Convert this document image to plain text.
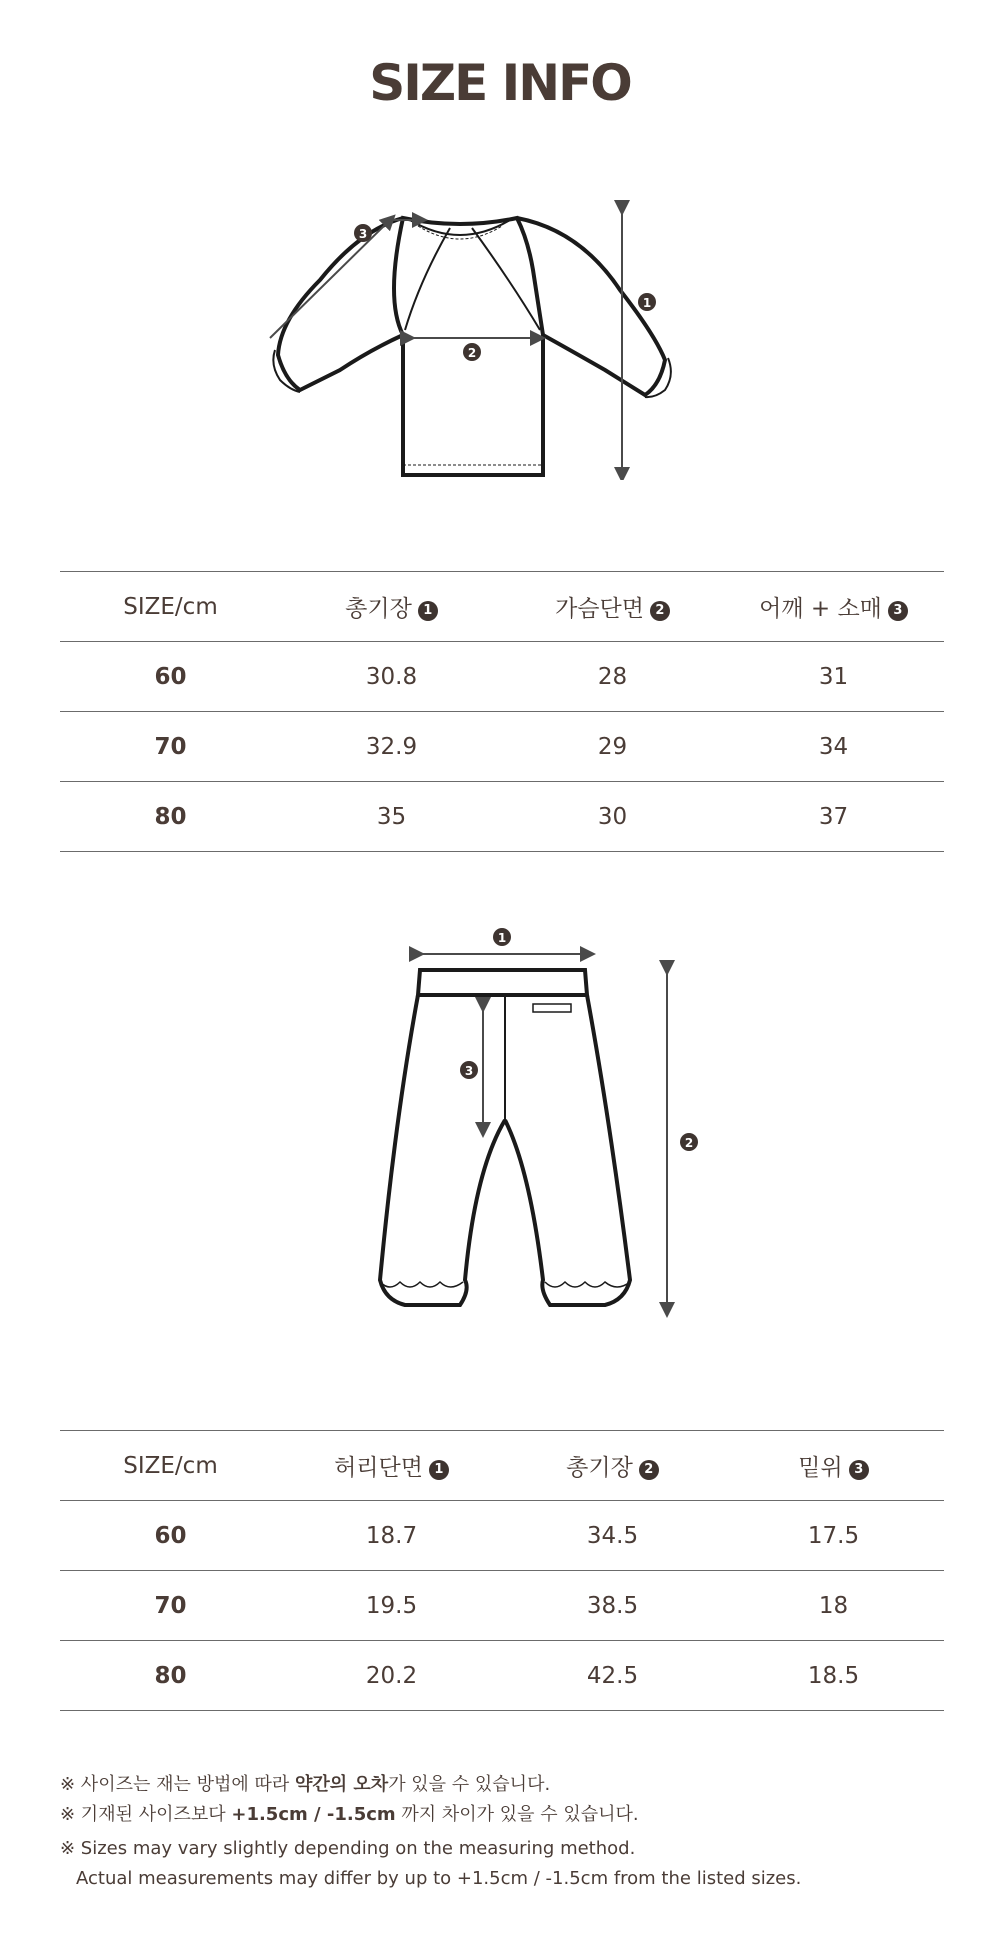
SIZE INFO
3
1
2
SIZE/cm	총기장 1	가슴단면 2	어깨 + 소매 3
60	30.8	28	31
70	32.9	29	34
80	35	30	37
1
3
2
SIZE/cm	허리단면 1	총기장 2	밑위 3
60	18.7	34.5	17.5
70	19.5	38.5	18
80	20.2	42.5	18.5

※ 사이즈는 재는 방법에 따라 약간의 오차가 있을 수 있습니다.

※ 기재된 사이즈보다 +1.5cm / -1.5cm 까지 차이가 있을 수 있습니다.

※ Sizes may vary slightly depending on the measuring method.

Actual measurements may differ by up to +1.5cm / -1.5cm from the listed sizes.
